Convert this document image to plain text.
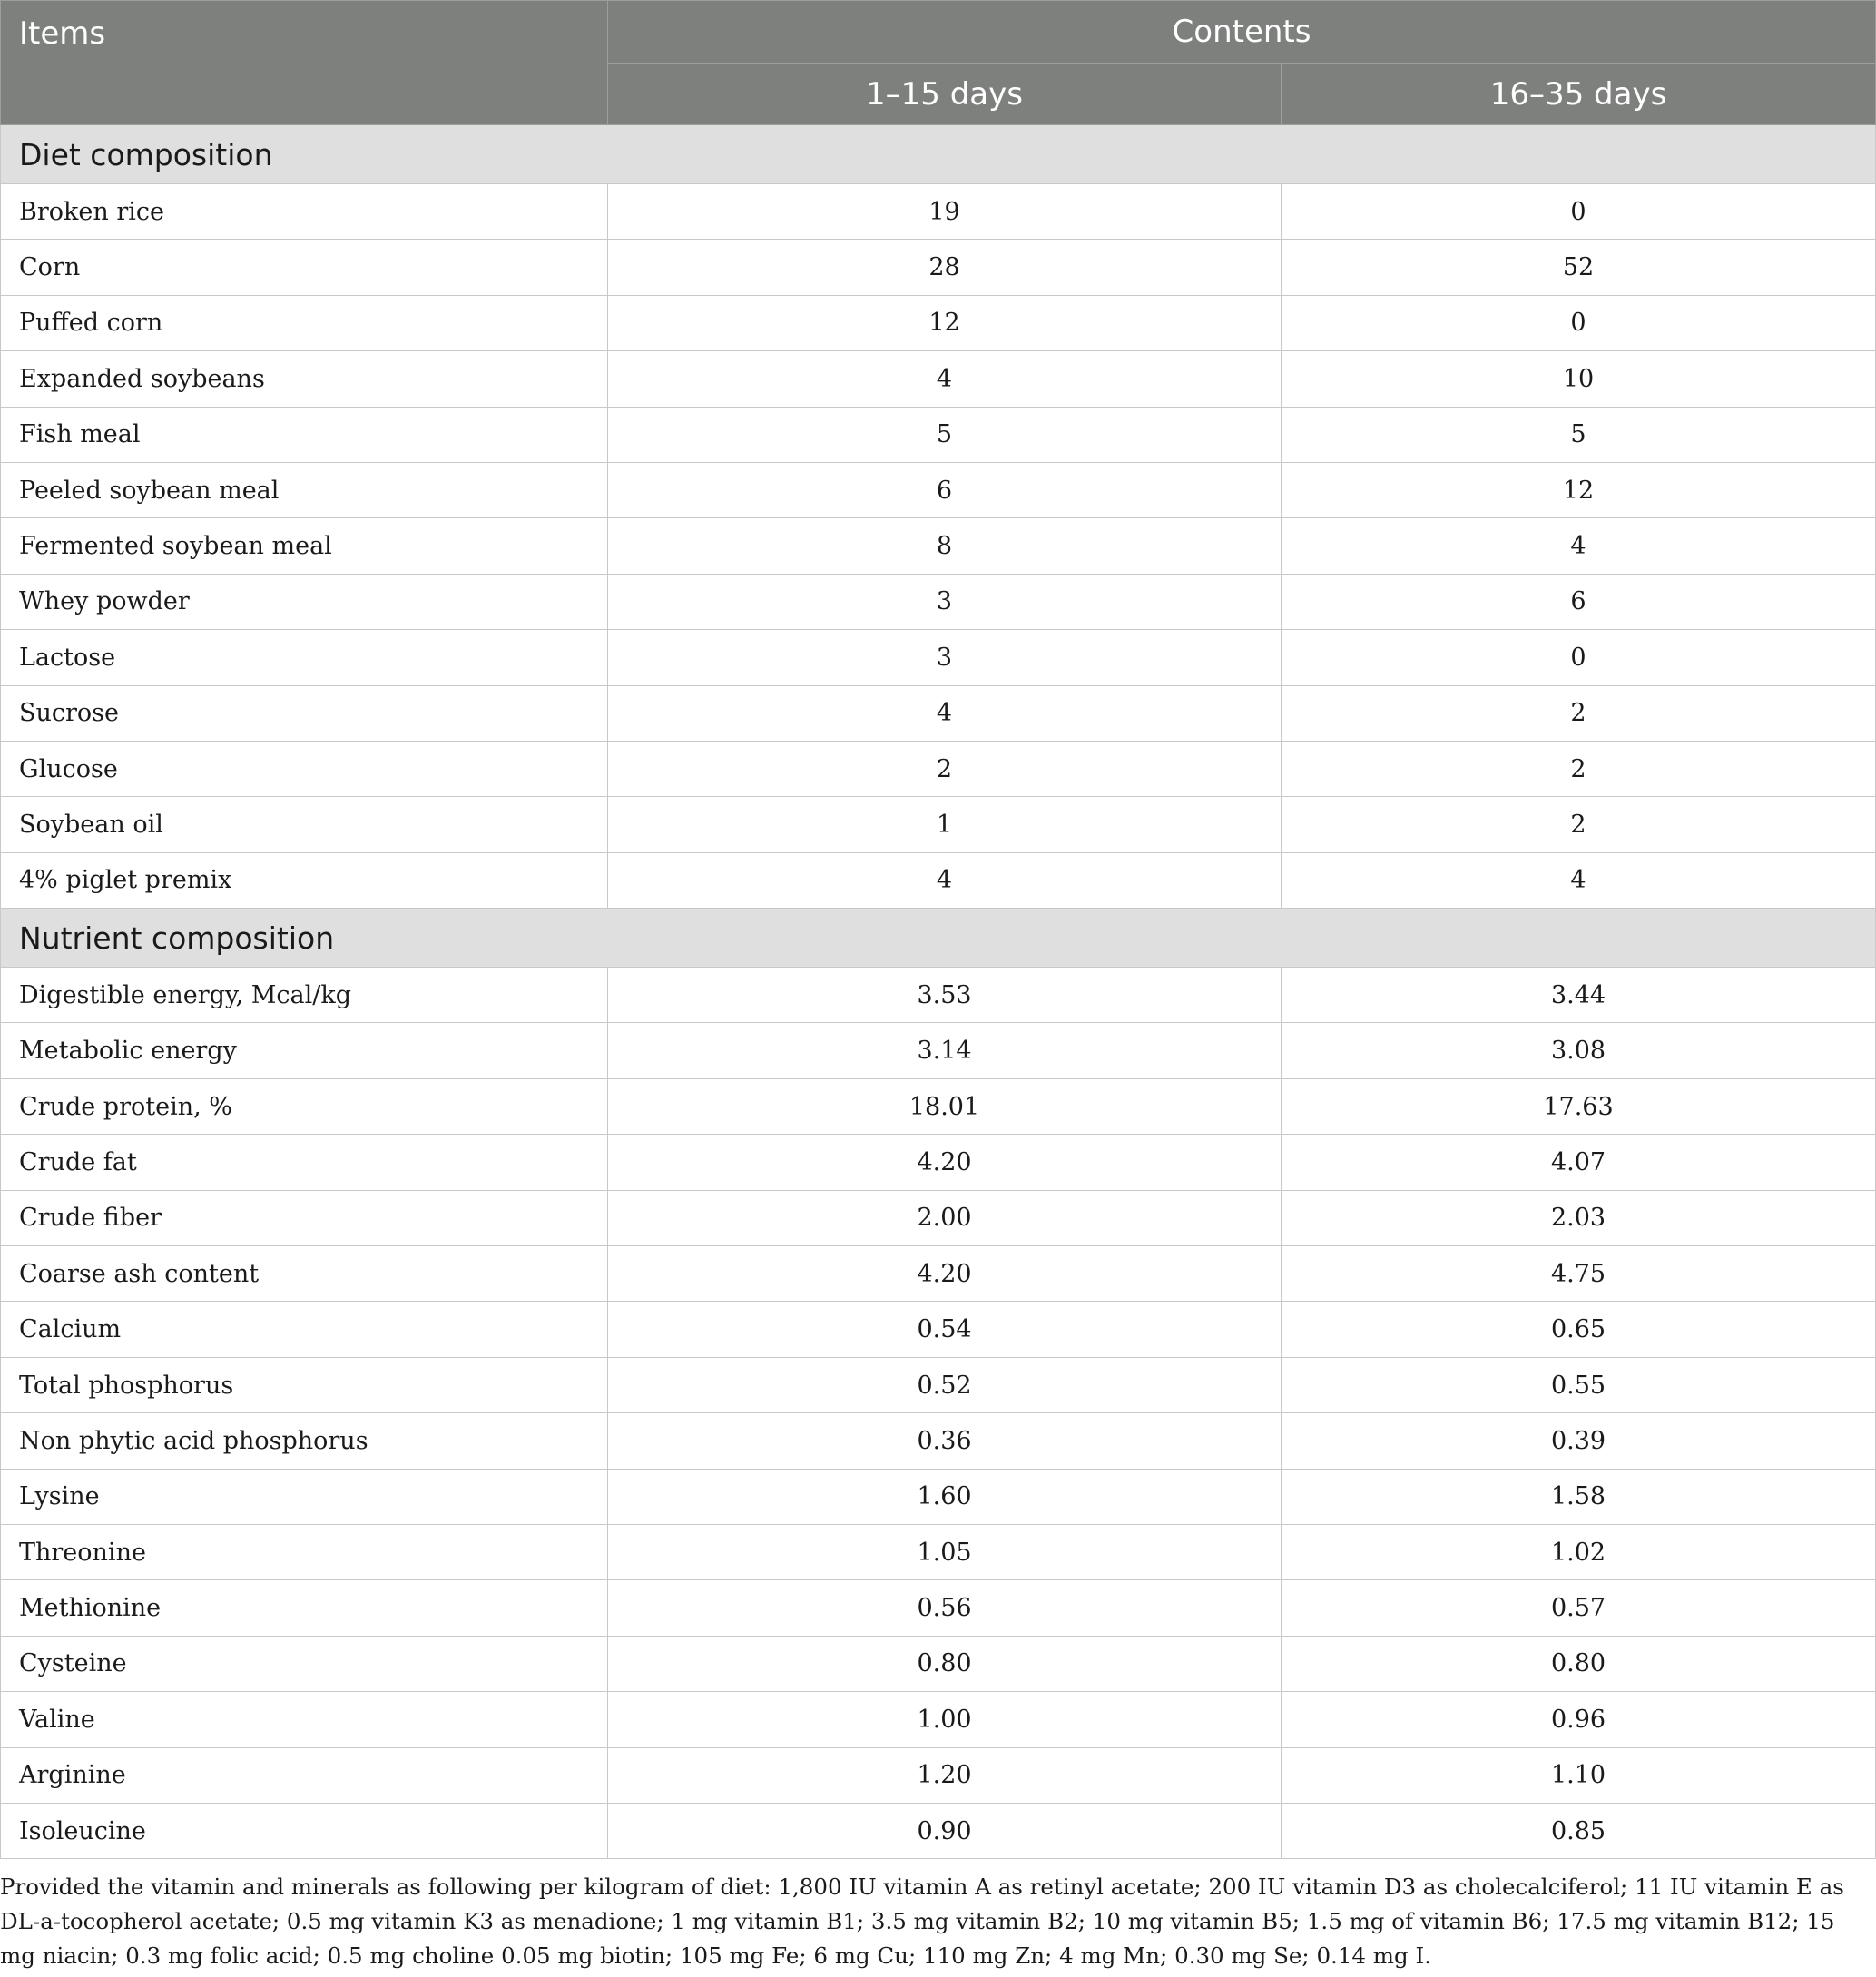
Items	Contents	
	1–15 days	16–35 days
Diet composition		
Broken rice	19	0
Corn	28	52
Puffed corn	12	0
Expanded soybeans	4	10
Fish meal	5	5
Peeled soybean meal	6	12
Fermented soybean meal	8	4
Whey powder	3	6
Lactose	3	0
Sucrose	4	2
Glucose	2	2
Soybean oil	1	2
4% piglet premix	4	4
Nutrient composition		
Digestible energy, Mcal/kg	3.53	3.44
Metabolic energy	3.14	3.08
Crude protein, %	18.01	17.63
Crude fat	4.20	4.07
Crude fiber	2.00	2.03
Coarse ash content	4.20	4.75
Calcium	0.54	0.65
Total phosphorus	0.52	0.55
Non phytic acid phosphorus	0.36	0.39
Lysine	1.60	1.58
Threonine	1.05	1.02
Methionine	0.56	0.57
Cysteine	0.80	0.80
Valine	1.00	0.96
Arginine	1.20	1.10
Isoleucine	0.90	0.85
Provided the vitamin and minerals as following per kilogram of diet: 1,800 IU vitamin A as retinyl acetate; 200 IU vitamin D3 as cholecalciferol; 11 IU vitamin E as DL-a-tocopherol acetate; 0.5 mg vitamin K3 as menadione; 1 mg vitamin B1; 3.5 mg vitamin B2; 10 mg vitamin B5; 1.5 mg of vitamin B6; 17.5 mg vitamin B12; 15 mg niacin; 0.3 mg folic acid; 0.5 mg choline 0.05 mg biotin; 105 mg Fe; 6 mg Cu; 110 mg Zn; 4 mg Mn; 0.30 mg Se; 0.14 mg I.
